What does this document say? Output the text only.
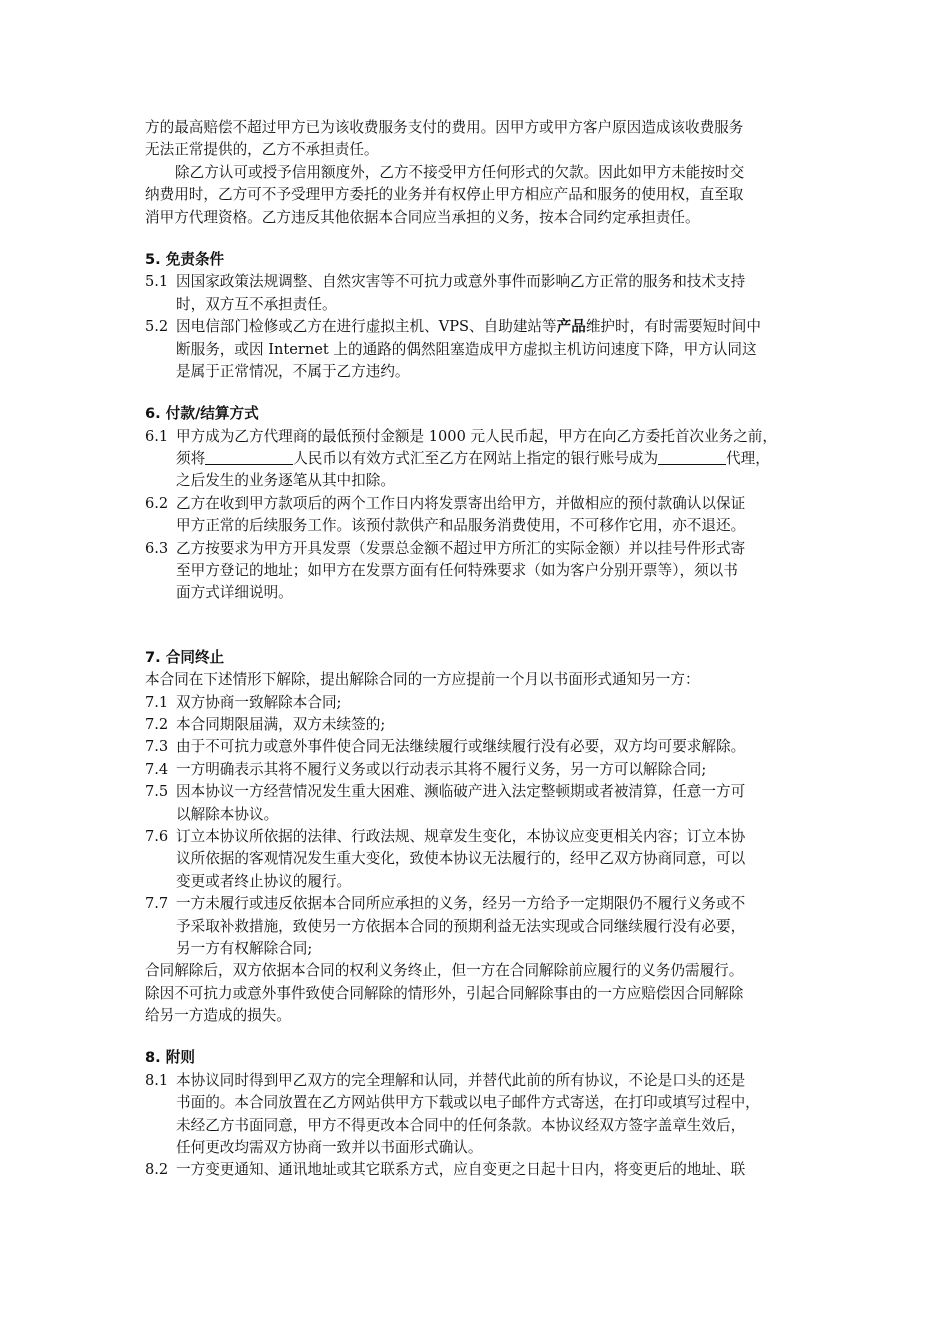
方的最高赔偿不超过甲方已为该收费服务支付的费用。因甲方或甲方客户原因造成该收费服务

无法正常提供的，乙方不承担责任。

除乙方认可或授予信用额度外，乙方不接受甲方任何形式的欠款。因此如甲方未能按时交

纳费用时，乙方可不予受理甲方委托的业务并有权停止甲方相应产品和服务的使用权，直至取

消甲方代理资格。乙方违反其他依据本合同应当承担的义务，按本合同约定承担责任。

5. 免责条件

5.1 因国家政策法规调整、自然灾害等不可抗力或意外事件而影响乙方正常的服务和技术支持

时，双方互不承担责任。

5.2 因电信部门检修或乙方在进行虚拟主机、VPS、自助建站等产品维护时，有时需要短时间中

断服务，或因 Internet 上的通路的偶然阻塞造成甲方虚拟主机访问速度下降，甲方认同这

是属于正常情况，不属于乙方违约。

6. 付款/结算方式

6.1 甲方成为乙方代理商的最低预付金额是 1000 元人民币起，甲方在向乙方委托首次业务之前，

须将	人民币以有效方式汇至乙方在网站上指定的银行账号成为	代理，

之后发生的业务逐笔从其中扣除。

6.2 乙方在收到甲方款项后的两个工作日内将发票寄出给甲方，并做相应的预付款确认以保证

甲方正常的后续服务工作。该预付款供产和品服务消费使用，不可移作它用，亦不退还。

6.3 乙方按要求为甲方开具发票（发票总金额不超过甲方所汇的实际金额）并以挂号件形式寄

至甲方登记的地址；如甲方在发票方面有任何特殊要求（如为客户分别开票等），须以书

面方式详细说明。

7. 合同终止

本合同在下述情形下解除，提出解除合同的一方应提前一个月以书面形式通知另一方：

7.1 双方协商一致解除本合同;

7.2 本合同期限届满，双方未续签的;

7.3 由于不可抗力或意外事件使合同无法继续履行或继续履行没有必要，双方均可要求解除。

7.4 一方明确表示其将不履行义务或以行动表示其将不履行义务，另一方可以解除合同;

7.5 因本协议一方经营情况发生重大困难、濒临破产进入法定整顿期或者被清算，任意一方可

以解除本协议。

7.6 订立本协议所依据的法律、行政法规、规章发生变化，本协议应变更相关内容；订立本协

议所依据的客观情况发生重大变化，致使本协议无法履行的，经甲乙双方协商同意，可以

变更或者终止协议的履行。

7.7 一方未履行或违反依据本合同所应承担的义务，经另一方给予一定期限仍不履行义务或不

予采取补救措施，致使另一方依据本合同的预期利益无法实现或合同继续履行没有必要，

另一方有权解除合同;

合同解除后，双方依据本合同的权利义务终止，但一方在合同解除前应履行的义务仍需履行。

除因不可抗力或意外事件致使合同解除的情形外，引起合同解除事由的一方应赔偿因合同解除

给另一方造成的损失。

8. 附则

8.1 本协议同时得到甲乙双方的完全理解和认同，并替代此前的所有协议，不论是口头的还是

书面的。本合同放置在乙方网站供甲方下载或以电子邮件方式寄送，在打印或填写过程中，

未经乙方书面同意，甲方不得更改本合同中的任何条款。本协议经双方签字盖章生效后，

任何更改均需双方协商一致并以书面形式确认。

8.2 一方变更通知、通讯地址或其它联系方式，应自变更之日起十日内，将变更后的地址、联
